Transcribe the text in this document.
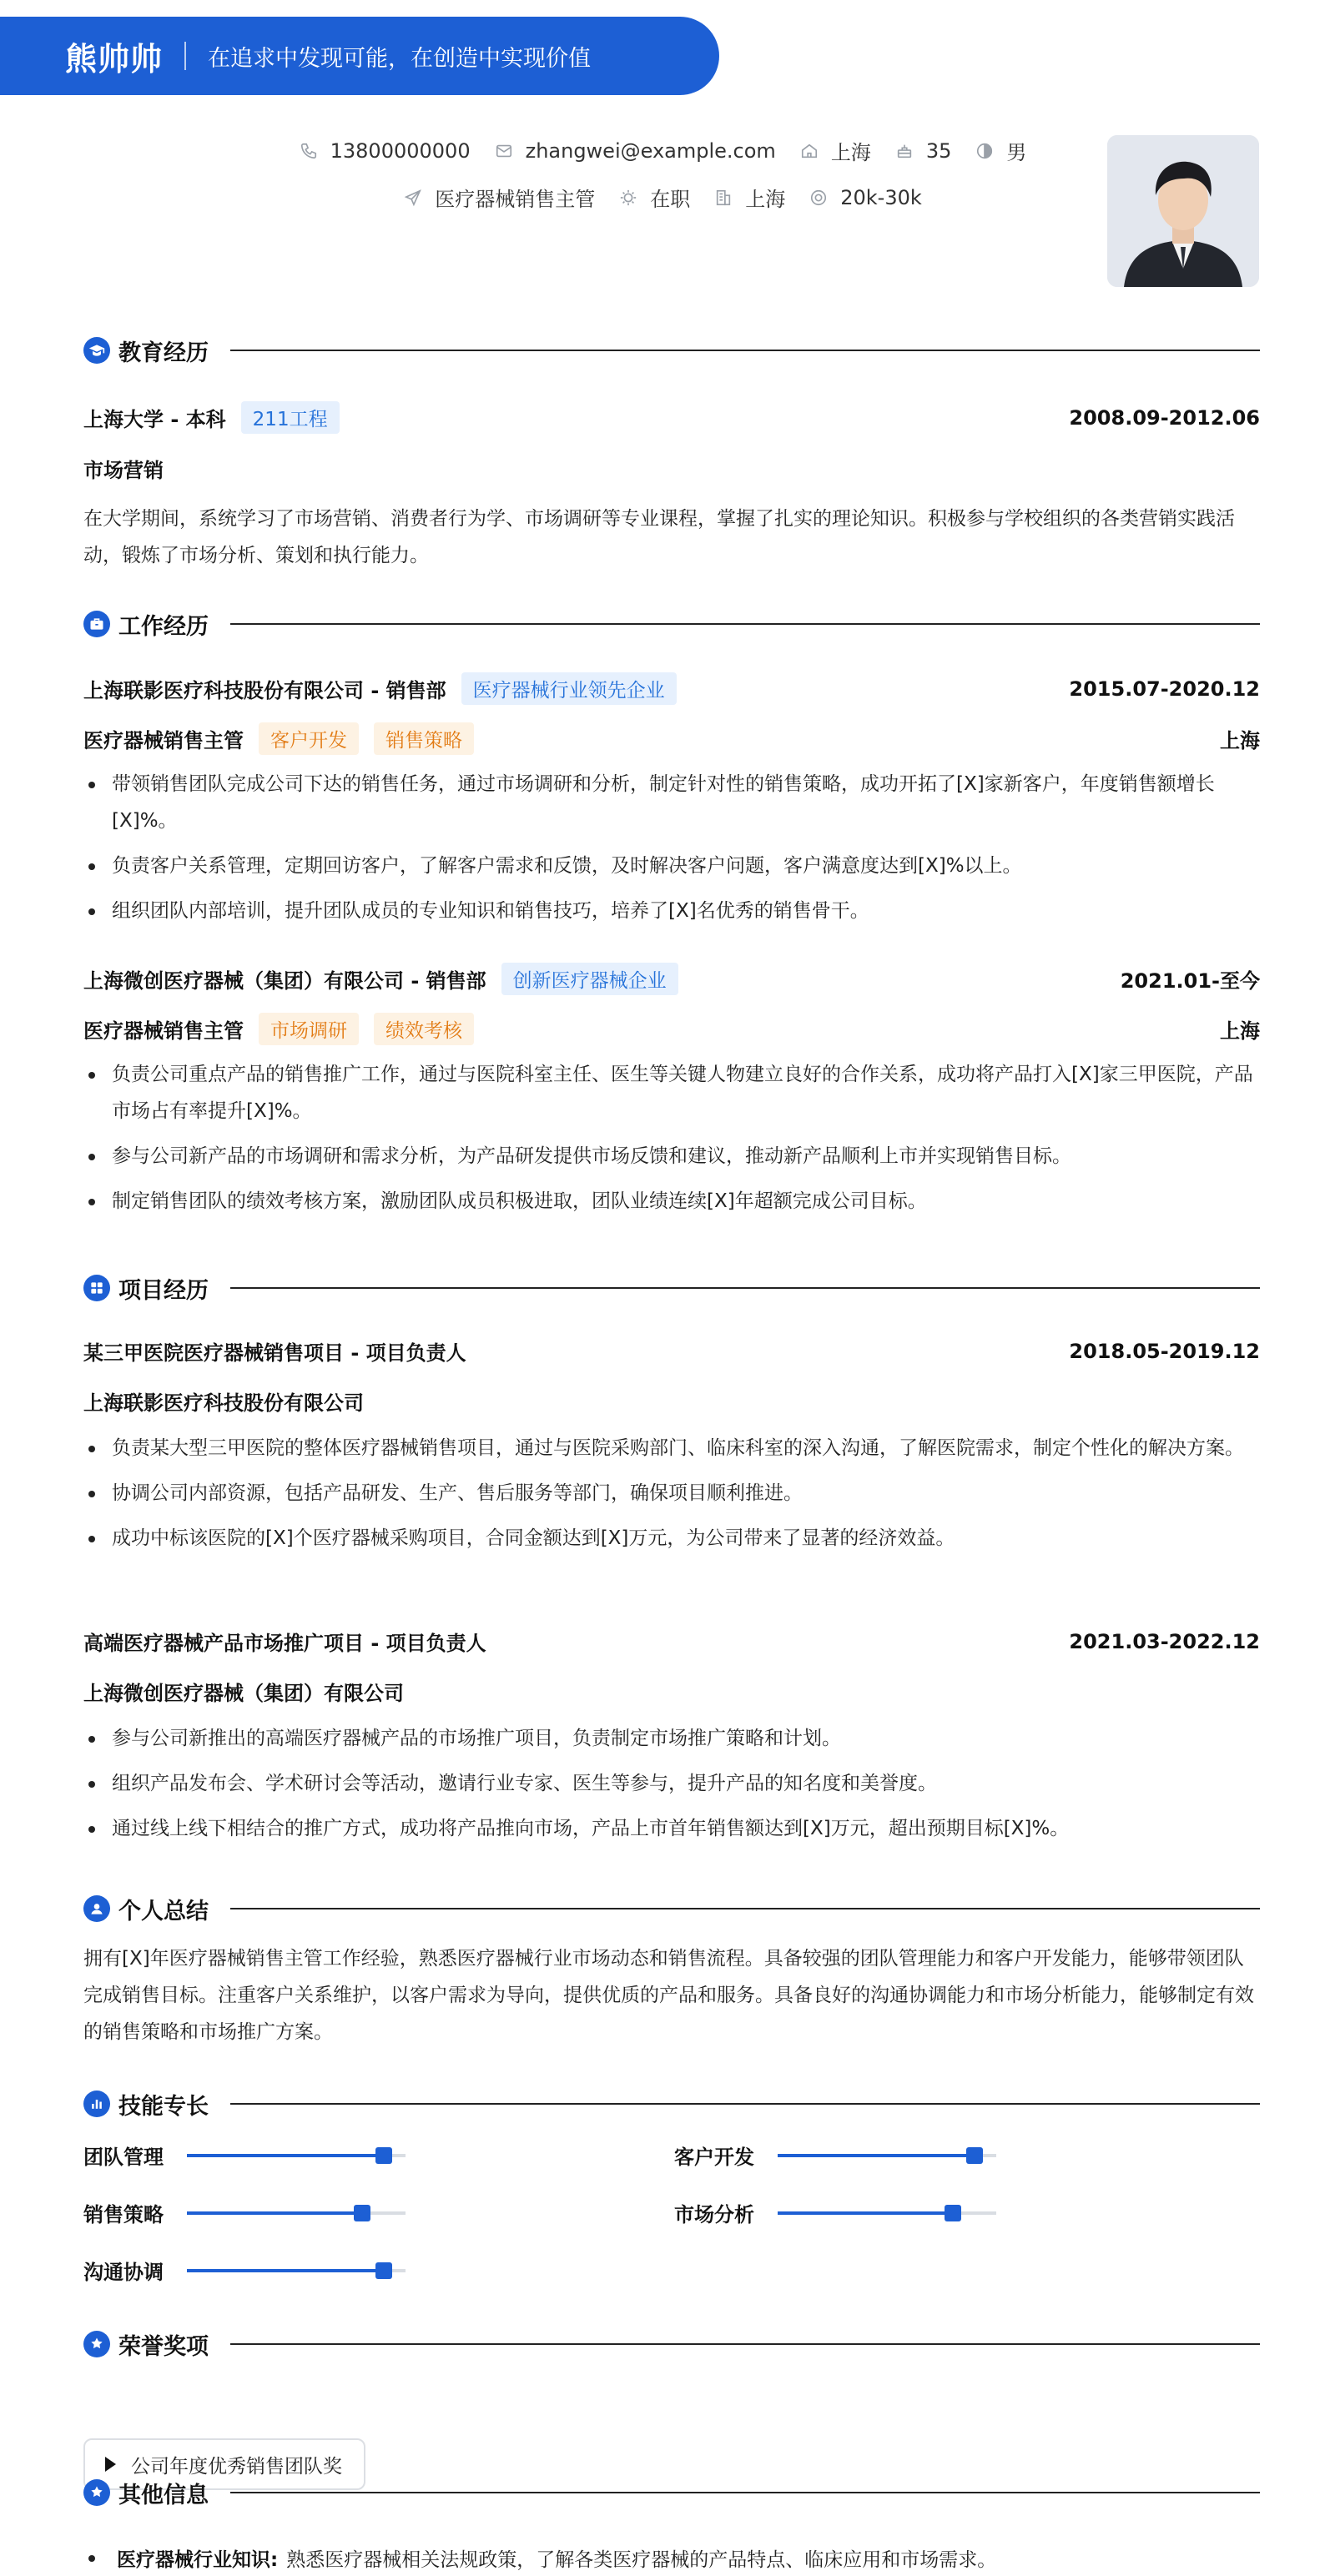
熊帅帅 在追求中发现可能，在创造中实现价值
13800000000	zhangwei@example.com	上海	35	男
医疗器械销售主管	在职	上海	20k-30k
教育经历
上海大学 - 本科	211工程	2008.09-2012.06
市场营销
在大学期间，系统学习了市场营销、消费者行为学、市场调研等专业课程，掌握了扎实的理论知识。积极参与学校组织的各类营销实践活动，锻炼了市场分析、策划和执行能力。
工作经历
上海联影医疗科技股份有限公司 - 销售部	医疗器械行业领先企业	2015.07-2020.12
医疗器械销售主管	客户开发	销售策略	上海
带领销售团队完成公司下达的销售任务，通过市场调研和分析，制定针对性的销售策略，成功开拓了[X]家新客户，年度销售额增长[X]%。
负责客户关系管理，定期回访客户，了解客户需求和反馈，及时解决客户问题，客户满意度达到[X]%以上。
组织团队内部培训，提升团队成员的专业知识和销售技巧，培养了[X]名优秀的销售骨干。
上海微创医疗器械（集团）有限公司 - 销售部	创新医疗器械企业	2021.01-至今
医疗器械销售主管	市场调研	绩效考核	上海
负责公司重点产品的销售推广工作，通过与医院科室主任、医生等关键人物建立良好的合作关系，成功将产品打入[X]家三甲医院，产品市场占有率提升[X]%。
参与公司新产品的市场调研和需求分析，为产品研发提供市场反馈和建议，推动新产品顺利上市并实现销售目标。
制定销售团队的绩效考核方案，激励团队成员积极进取，团队业绩连续[X]年超额完成公司目标。
项目经历
某三甲医院医疗器械销售项目 - 项目负责人	2018.05-2019.12
上海联影医疗科技股份有限公司
负责某大型三甲医院的整体医疗器械销售项目，通过与医院采购部门、临床科室的深入沟通，了解医院需求，制定个性化的解决方案。
协调公司内部资源，包括产品研发、生产、售后服务等部门，确保项目顺利推进。
成功中标该医院的[X]个医疗器械采购项目，合同金额达到[X]万元，为公司带来了显著的经济效益。
高端医疗器械产品市场推广项目 - 项目负责人	2021.03-2022.12
上海微创医疗器械（集团）有限公司
参与公司新推出的高端医疗器械产品的市场推广项目，负责制定市场推广策略和计划。
组织产品发布会、学术研讨会等活动，邀请行业专家、医生等参与，提升产品的知名度和美誉度。
通过线上线下相结合的推广方式，成功将产品推向市场，产品上市首年销售额达到[X]万元，超出预期目标[X]%。
个人总结
拥有[X]年医疗器械销售主管工作经验，熟悉医疗器械行业市场动态和销售流程。具备较强的团队管理能力和客户开发能力，能够带领团队完成销售目标。注重客户关系维护，以客户需求为导向，提供优质的产品和服务。具备良好的沟通协调能力和市场分析能力，能够制定有效的销售策略和市场推广方案。
技能专长
团队管理	客户开发
销售策略	市场分析
沟通协调
荣誉奖项
公司年度优秀销售团队奖
其他信息
医疗器械行业知识: 熟悉医疗器械相关法规政策，了解各类医疗器械的产品特点、临床应用和市场需求。
